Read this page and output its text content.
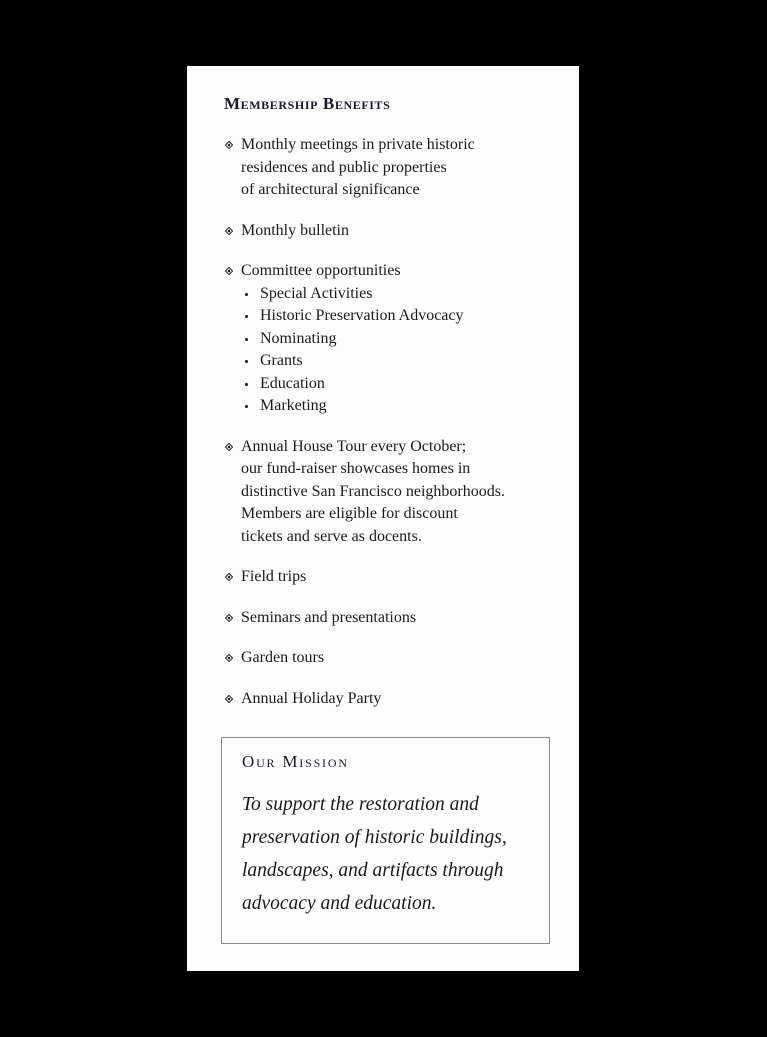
Membership Benefits
Monthly meetings in private historic
residences and public properties
of architectural significance
Monthly bulletin
Committee opportunities
Special Activities
Historic Preservation Advocacy
Nominating
Grants
Education
Marketing
Annual House Tour every October;
our fund-raiser showcases homes in
distinctive San Francisco neighborhoods.
Members are eligible for discount
tickets and serve as docents.
Field trips
Seminars and presentations
Garden tours
Annual Holiday Party
Our Mission

To support the restoration and
preservation of historic buildings,
landscapes, and artifacts through
advocacy and education.
